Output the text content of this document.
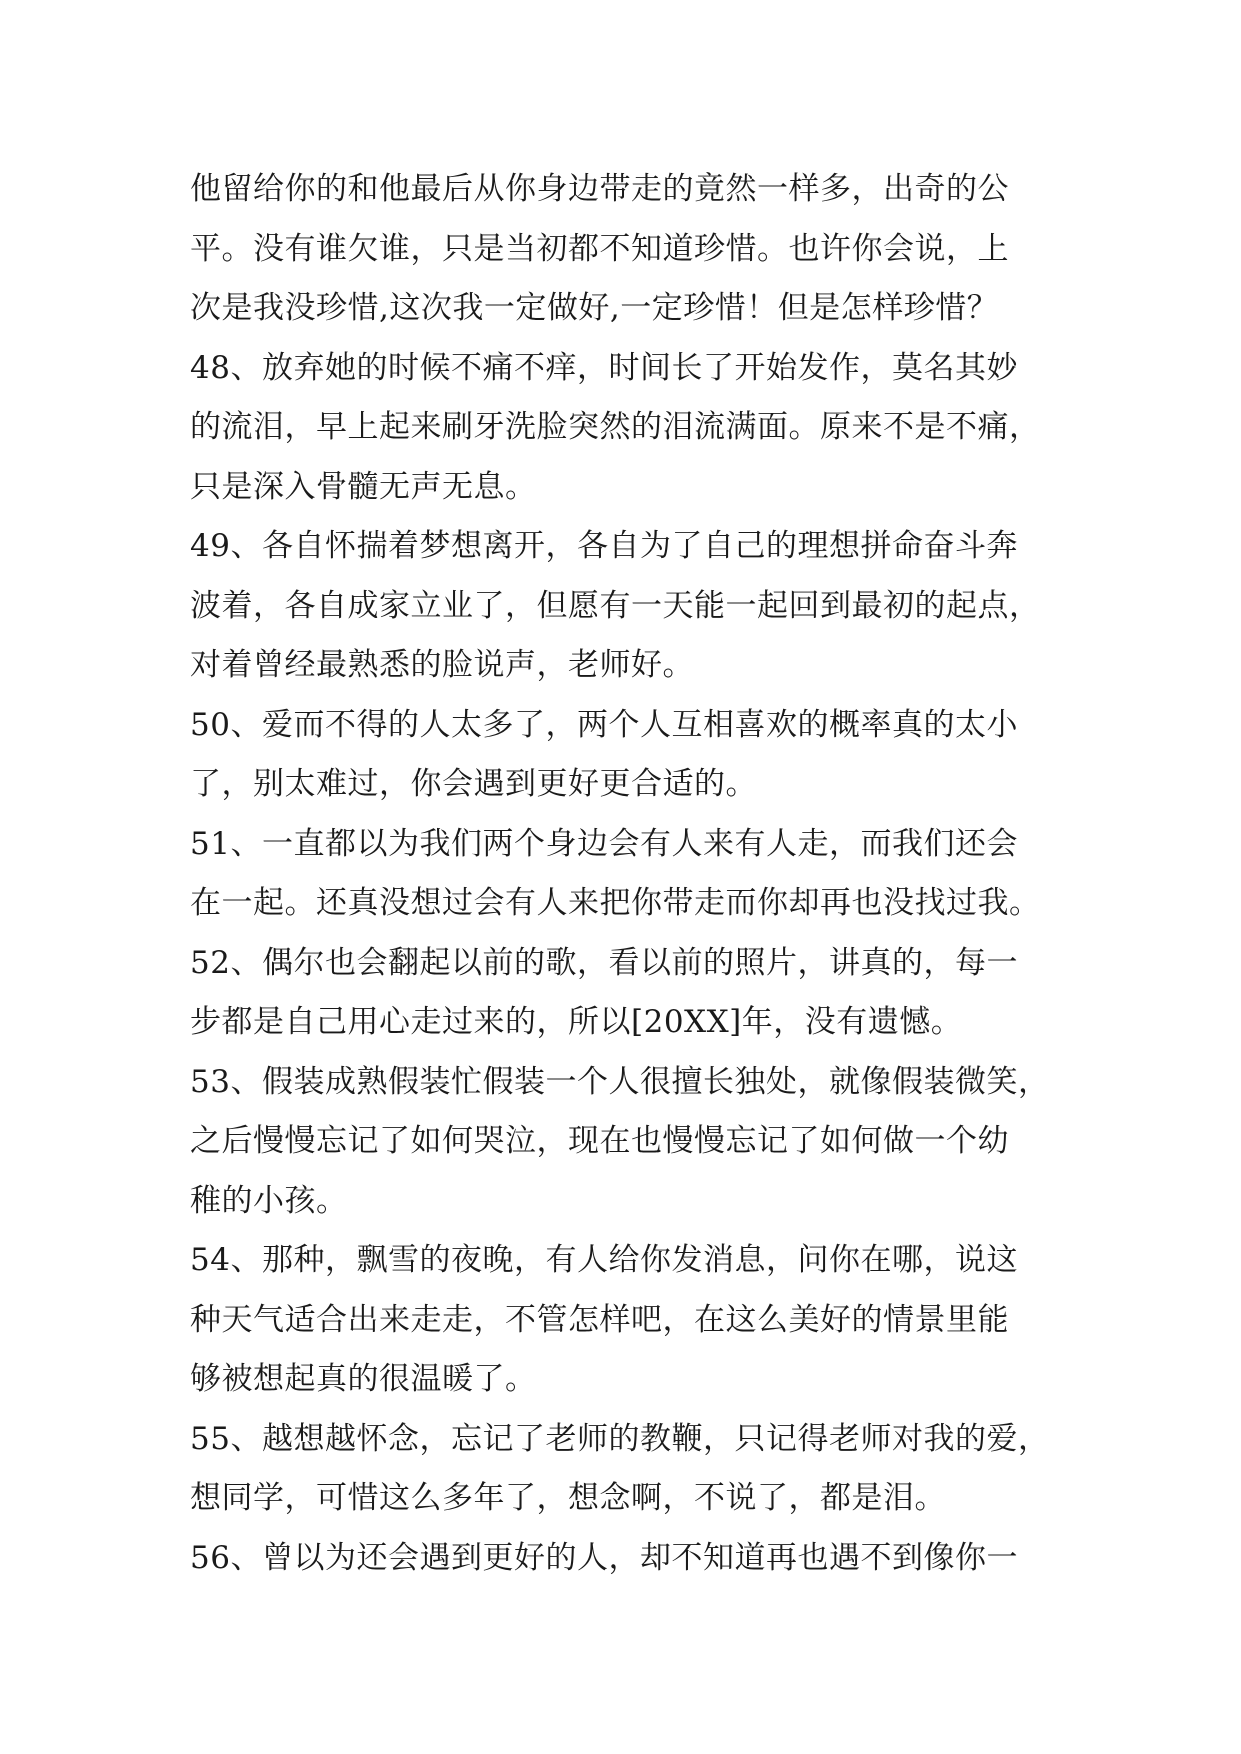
他留给你的和他最后从你身边带走的竟然一样多，出奇的公
平。没有谁欠谁，只是当初都不知道珍惜。也许你会说，上
次是我没珍惜,这次我一定做好,一定珍惜！但是怎样珍惜？
48、放弃她的时候不痛不痒，时间长了开始发作，莫名其妙
的流泪，早上起来刷牙洗脸突然的泪流满面。原来不是不痛，
只是深入骨髓无声无息。
49、各自怀揣着梦想离开，各自为了自己的理想拼命奋斗奔
波着，各自成家立业了，但愿有一天能一起回到最初的起点，
对着曾经最熟悉的脸说声，老师好。
50、爱而不得的人太多了，两个人互相喜欢的概率真的太小
了，别太难过，你会遇到更好更合适的。
51、一直都以为我们两个身边会有人来有人走，而我们还会
在一起。还真没想过会有人来把你带走而你却再也没找过我。
52、偶尔也会翻起以前的歌，看以前的照片，讲真的，每一
步都是自己用心走过来的，所以[20XX]年，没有遗憾。
53、假装成熟假装忙假装一个人很擅长独处，就像假装微笑，
之后慢慢忘记了如何哭泣，现在也慢慢忘记了如何做一个幼
稚的小孩。
54、那种，飘雪的夜晚，有人给你发消息，问你在哪，说这
种天气适合出来走走，不管怎样吧，在这么美好的情景里能
够被想起真的很温暖了。
55、越想越怀念，忘记了老师的教鞭，只记得老师对我的爱，
想同学，可惜这么多年了，想念啊，不说了，都是泪。
56、曾以为还会遇到更好的人，却不知道再也遇不到像你一
